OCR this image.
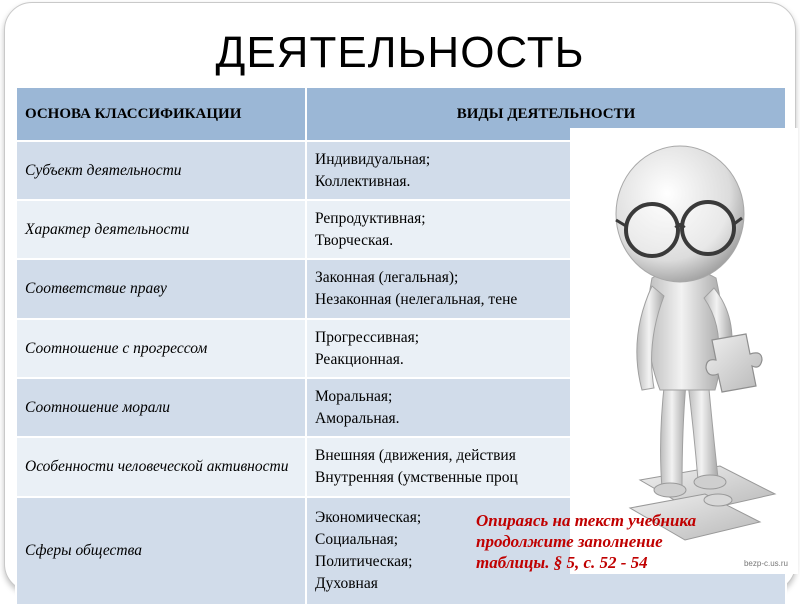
ДЕЯТЕЛЬНОСТЬ
ОСНОВА КЛАССИФИКАЦИИ	ВИДЫ ДЕЯТЕЛЬНОСТИ
Субъект деятельности	Индивидуальная;
Коллективная.

Характер деятельности	Репродуктивная;
Творческая.

Соответствие праву	Законная (легальная);
Незаконная (нелегальная, тене

Соотношение с прогрессом	Прогрессивная;
Реакционная.

Соотношение морали	Моральная;
Аморальная.

Особенности человеческой активности	Внешняя (движения, действия
Внутренняя (умственные проц

Сферы общества	Экономическая;
Социальная;
Политическая;
Духовная
bezp-c.us.ru
Опираясь на текст учебника
продолжите заполнение
таблицы. § 5, с. 52 - 54
